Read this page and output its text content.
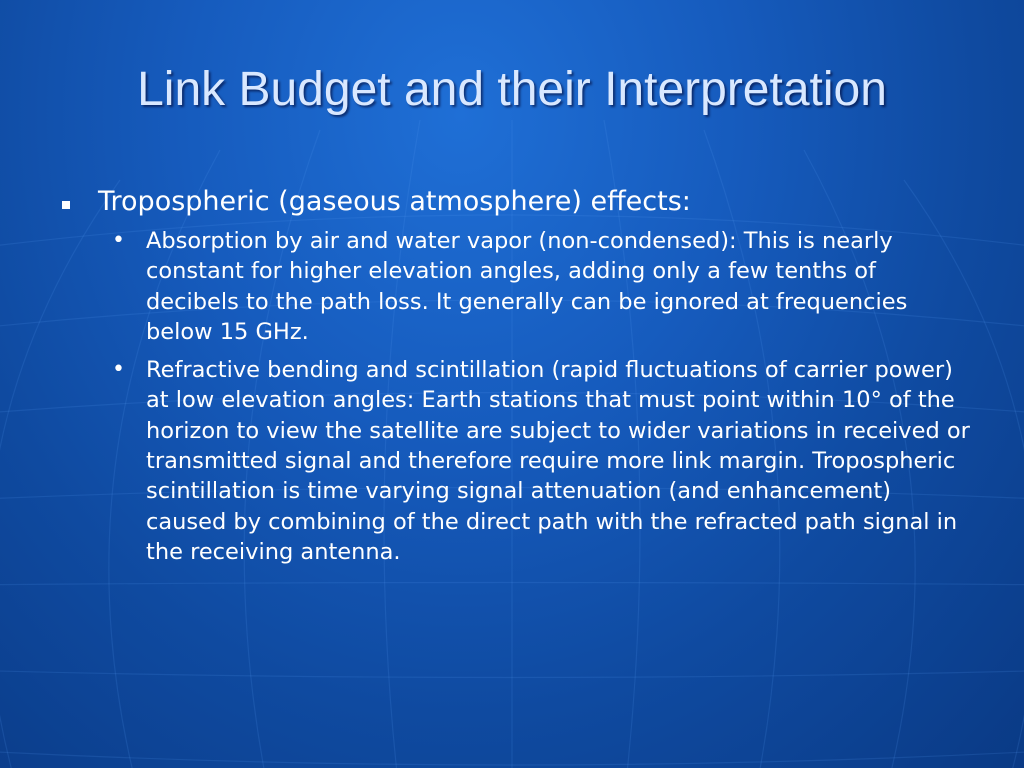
Link Budget and their Interpretation
Tropospheric (gaseous atmosphere) effects:
• Absorption by air and water vapor (non-condensed): This is nearly constant for higher elevation angles, adding only a few tenths of decibels to the path loss. It generally can be ignored at frequencies below 15 GHz.
• Refractive bending and scintillation (rapid fluctuations of carrier power) at low elevation angles: Earth stations that must point within 10° of the horizon to view the satellite are subject to wider variations in received or transmitted signal and therefore require more link margin. Tropospheric scintillation is time varying signal attenuation (and enhancement) caused by combining of the direct path with the refracted path signal in the receiving antenna.
